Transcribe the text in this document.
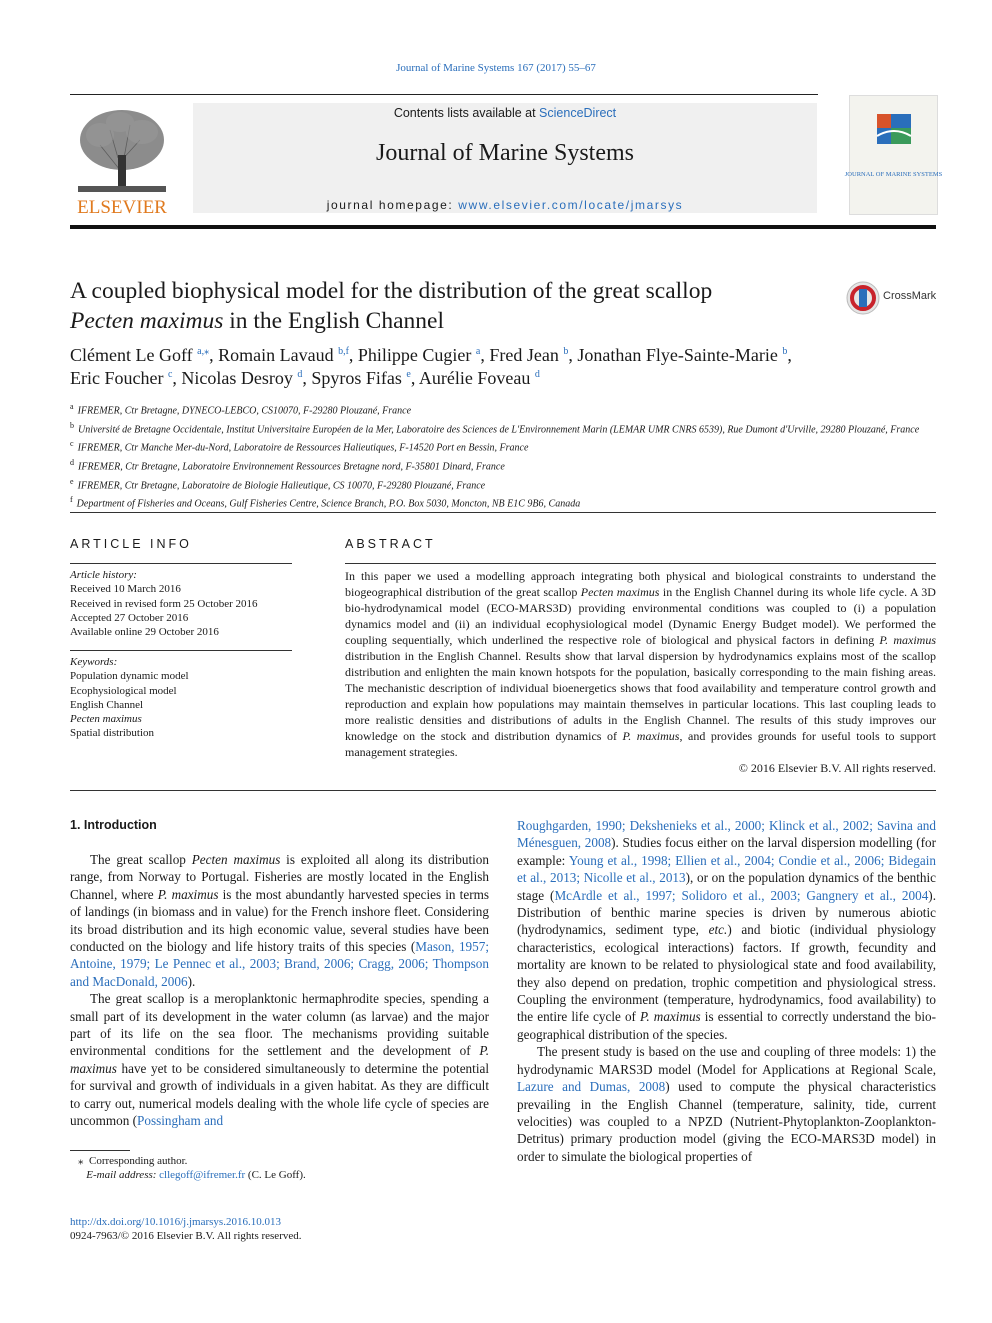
Journal of Marine Systems 167 (2017) 55–67
ELSEVIER
Contents lists available at ScienceDirect
Journal of Marine Systems
journal homepage: www.elsevier.com/locate/jmarsys
JOURNAL OF MARINE SYSTEMS
A coupled biophysical model for the distribution of the great scallop
Pecten maximus in the English Channel
CrossMark
Clément Le Goff $^{a,⁎}$, Romain Lavaud $^{b,f}$, Philippe Cugier $^a$, Fred Jean $^b$, Jonathan Flye-Sainte-Marie $^b$,
Eric Foucher $^c$, Nicolas Desroy $^d$, Spyros Fifas $^e$, Aurélie Foveau $^d$
$^a$ IFREMER, Ctr Bretagne, DYNECO-LEBCO, CS10070, F-29280 Plouzané, France
$^b$ Université de Bretagne Occidentale, Institut Universitaire Européen de la Mer, Laboratoire des Sciences de L'Environnement Marin (LEMAR UMR CNRS 6539), Rue Dumont d'Urville, 29280 Plouzané, France
$^c$ IFREMER, Ctr Manche Mer-du-Nord, Laboratoire de Ressources Halieutiques, F-14520 Port en Bessin, France
$^d$ IFREMER, Ctr Bretagne, Laboratoire Environnement Ressources Bretagne nord, F-35801 Dinard, France
$^e$ IFREMER, Ctr Bretagne, Laboratoire de Biologie Halieutique, CS 10070, F-29280 Plouzané, France
$^f$ Department of Fisheries and Oceans, Gulf Fisheries Centre, Science Branch, P.O. Box 5030, Moncton, NB E1C 9B6, Canada
ARTICLE INFO
Article history:
Received 10 March 2016
Received in revised form 25 October 2016
Accepted 27 October 2016
Available online 29 October 2016
Keywords:
Population dynamic model
Ecophysiological model
English Channel
Pecten maximus
Spatial distribution
ABSTRACT
In this paper we used a modelling approach integrating both physical and biological constraints to understand the biogeographical distribution of the great scallop Pecten maximus in the English Channel during its whole life cycle. A 3D bio-hydrodynamical model (ECO-MARS3D) providing environmental conditions was coupled to (i) a population dynamics model and (ii) an individual ecophysiological model (Dynamic Energy Budget model). We performed the coupling sequentially, which underlined the respective role of biological and physical factors in defining P. maximus distribution in the English Channel. Results show that larval dispersion by hydrodynamics explains most of the scallop distribution and enlighten the main known hotspots for the population, basically corresponding to the main fishing areas. The mechanistic description of individual bioenergetics shows that food availability and temperature control growth and reproduction and explain how populations may maintain themselves in particular locations. This last coupling leads to more realistic densities and distributions of adults in the English Channel. The results of this study improves our knowledge on the stock and distribution dynamics of P. maximus, and provides grounds for useful tools to support management strategies.
© 2016 Elsevier B.V. All rights reserved.
1. Introduction

The great scallop Pecten maximus is exploited all along its distribution range, from Norway to Portugal. Fisheries are mostly located in the English Channel, where P. maximus is the most abundantly harvested species in terms of landings (in biomass and in value) for the French inshore fleet. Considering its broad distribution and its high economic value, several studies have been conducted on the biology and life history traits of this species (Mason, 1957; Antoine, 1979; Le Pennec et al., 2003; Brand, 2006; Cragg, 2006; Thompson and MacDonald, 2006).

The great scallop is a meroplanktonic hermaphrodite species, spending a small part of its development in the water column (as larvae) and the major part of its life on the sea floor. The mechanisms providing suitable environmental conditions for the settlement and the development of P. maximus have yet to be considered simultaneously to determine the potential for survival and growth of individuals in a given habitat. As they are difficult to carry out, numerical models dealing with the whole life cycle of species are uncommon (Possingham and

⁎ Corresponding author.
E-mail address: cllegoff@ifremer.fr (C. Le Goff).
http://dx.doi.org/10.1016/j.jmarsys.2016.10.013
0924-7963/© 2016 Elsevier B.V. All rights reserved.

Roughgarden, 1990; Dekshenieks et al., 2000; Klinck et al., 2002; Savina and Ménesguen, 2008). Studies focus either on the larval dispersion modelling (for example: Young et al., 1998; Ellien et al., 2004; Condie et al., 2006; Bidegain et al., 2013; Nicolle et al., 2013), or on the population dynamics of the benthic stage (McArdle et al., 1997; Solidoro et al., 2003; Gangnery et al., 2004). Distribution of benthic marine species is driven by numerous abiotic (hydrodynamics, sediment type, etc.) and biotic (individual physiology characteristics, ecological interactions) factors. If growth, fecundity and mortality are known to be related to physiological state and food availability, they also depend on predation, trophic competition and physiological stress. Coupling the environment (temperature, hydrodynamics, food availability) to the entire life cycle of P. maximus is essential to correctly understand the bio-geographical distribution of the species.

The present study is based on the use and coupling of three models: 1) the hydrodynamic MARS3D model (Model for Applications at Regional Scale, Lazure and Dumas, 2008) used to compute the physical characteristics prevailing in the English Channel (temperature, salinity, tide, current velocities) was coupled to a NPZD (Nutrient-Phytoplankton-Zooplankton-Detritus) primary production model (giving the ECO-MARS3D model) in order to simulate the biological properties of
